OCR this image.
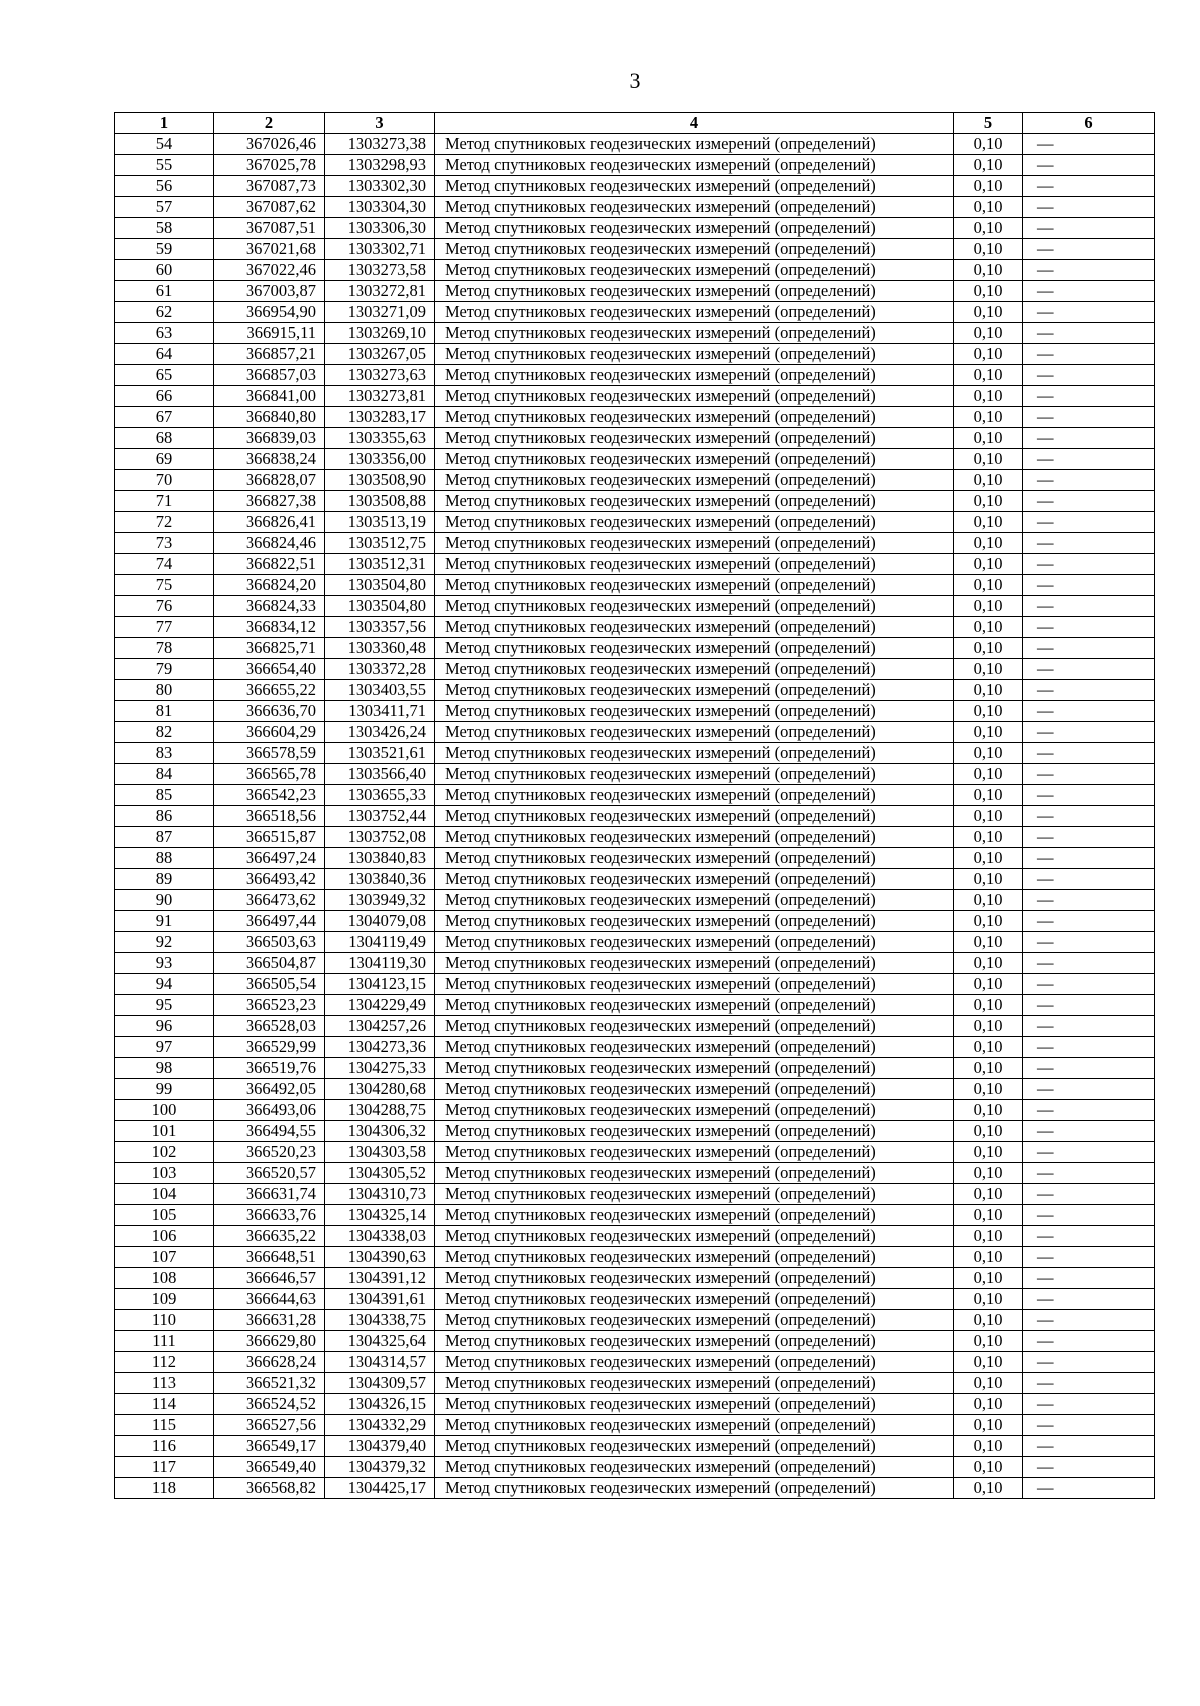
3
1	2	3	4	5	6
54	367026,46	1303273,38	Метод спутниковых геодезических измерений (определений)	0,10	—
55	367025,78	1303298,93	Метод спутниковых геодезических измерений (определений)	0,10	—
56	367087,73	1303302,30	Метод спутниковых геодезических измерений (определений)	0,10	—
57	367087,62	1303304,30	Метод спутниковых геодезических измерений (определений)	0,10	—
58	367087,51	1303306,30	Метод спутниковых геодезических измерений (определений)	0,10	—
59	367021,68	1303302,71	Метод спутниковых геодезических измерений (определений)	0,10	—
60	367022,46	1303273,58	Метод спутниковых геодезических измерений (определений)	0,10	—
61	367003,87	1303272,81	Метод спутниковых геодезических измерений (определений)	0,10	—
62	366954,90	1303271,09	Метод спутниковых геодезических измерений (определений)	0,10	—
63	366915,11	1303269,10	Метод спутниковых геодезических измерений (определений)	0,10	—
64	366857,21	1303267,05	Метод спутниковых геодезических измерений (определений)	0,10	—
65	366857,03	1303273,63	Метод спутниковых геодезических измерений (определений)	0,10	—
66	366841,00	1303273,81	Метод спутниковых геодезических измерений (определений)	0,10	—
67	366840,80	1303283,17	Метод спутниковых геодезических измерений (определений)	0,10	—
68	366839,03	1303355,63	Метод спутниковых геодезических измерений (определений)	0,10	—
69	366838,24	1303356,00	Метод спутниковых геодезических измерений (определений)	0,10	—
70	366828,07	1303508,90	Метод спутниковых геодезических измерений (определений)	0,10	—
71	366827,38	1303508,88	Метод спутниковых геодезических измерений (определений)	0,10	—
72	366826,41	1303513,19	Метод спутниковых геодезических измерений (определений)	0,10	—
73	366824,46	1303512,75	Метод спутниковых геодезических измерений (определений)	0,10	—
74	366822,51	1303512,31	Метод спутниковых геодезических измерений (определений)	0,10	—
75	366824,20	1303504,80	Метод спутниковых геодезических измерений (определений)	0,10	—
76	366824,33	1303504,80	Метод спутниковых геодезических измерений (определений)	0,10	—
77	366834,12	1303357,56	Метод спутниковых геодезических измерений (определений)	0,10	—
78	366825,71	1303360,48	Метод спутниковых геодезических измерений (определений)	0,10	—
79	366654,40	1303372,28	Метод спутниковых геодезических измерений (определений)	0,10	—
80	366655,22	1303403,55	Метод спутниковых геодезических измерений (определений)	0,10	—
81	366636,70	1303411,71	Метод спутниковых геодезических измерений (определений)	0,10	—
82	366604,29	1303426,24	Метод спутниковых геодезических измерений (определений)	0,10	—
83	366578,59	1303521,61	Метод спутниковых геодезических измерений (определений)	0,10	—
84	366565,78	1303566,40	Метод спутниковых геодезических измерений (определений)	0,10	—
85	366542,23	1303655,33	Метод спутниковых геодезических измерений (определений)	0,10	—
86	366518,56	1303752,44	Метод спутниковых геодезических измерений (определений)	0,10	—
87	366515,87	1303752,08	Метод спутниковых геодезических измерений (определений)	0,10	—
88	366497,24	1303840,83	Метод спутниковых геодезических измерений (определений)	0,10	—
89	366493,42	1303840,36	Метод спутниковых геодезических измерений (определений)	0,10	—
90	366473,62	1303949,32	Метод спутниковых геодезических измерений (определений)	0,10	—
91	366497,44	1304079,08	Метод спутниковых геодезических измерений (определений)	0,10	—
92	366503,63	1304119,49	Метод спутниковых геодезических измерений (определений)	0,10	—
93	366504,87	1304119,30	Метод спутниковых геодезических измерений (определений)	0,10	—
94	366505,54	1304123,15	Метод спутниковых геодезических измерений (определений)	0,10	—
95	366523,23	1304229,49	Метод спутниковых геодезических измерений (определений)	0,10	—
96	366528,03	1304257,26	Метод спутниковых геодезических измерений (определений)	0,10	—
97	366529,99	1304273,36	Метод спутниковых геодезических измерений (определений)	0,10	—
98	366519,76	1304275,33	Метод спутниковых геодезических измерений (определений)	0,10	—
99	366492,05	1304280,68	Метод спутниковых геодезических измерений (определений)	0,10	—
100	366493,06	1304288,75	Метод спутниковых геодезических измерений (определений)	0,10	—
101	366494,55	1304306,32	Метод спутниковых геодезических измерений (определений)	0,10	—
102	366520,23	1304303,58	Метод спутниковых геодезических измерений (определений)	0,10	—
103	366520,57	1304305,52	Метод спутниковых геодезических измерений (определений)	0,10	—
104	366631,74	1304310,73	Метод спутниковых геодезических измерений (определений)	0,10	—
105	366633,76	1304325,14	Метод спутниковых геодезических измерений (определений)	0,10	—
106	366635,22	1304338,03	Метод спутниковых геодезических измерений (определений)	0,10	—
107	366648,51	1304390,63	Метод спутниковых геодезических измерений (определений)	0,10	—
108	366646,57	1304391,12	Метод спутниковых геодезических измерений (определений)	0,10	—
109	366644,63	1304391,61	Метод спутниковых геодезических измерений (определений)	0,10	—
110	366631,28	1304338,75	Метод спутниковых геодезических измерений (определений)	0,10	—
111	366629,80	1304325,64	Метод спутниковых геодезических измерений (определений)	0,10	—
112	366628,24	1304314,57	Метод спутниковых геодезических измерений (определений)	0,10	—
113	366521,32	1304309,57	Метод спутниковых геодезических измерений (определений)	0,10	—
114	366524,52	1304326,15	Метод спутниковых геодезических измерений (определений)	0,10	—
115	366527,56	1304332,29	Метод спутниковых геодезических измерений (определений)	0,10	—
116	366549,17	1304379,40	Метод спутниковых геодезических измерений (определений)	0,10	—
117	366549,40	1304379,32	Метод спутниковых геодезических измерений (определений)	0,10	—
118	366568,82	1304425,17	Метод спутниковых геодезических измерений (определений)	0,10	—
